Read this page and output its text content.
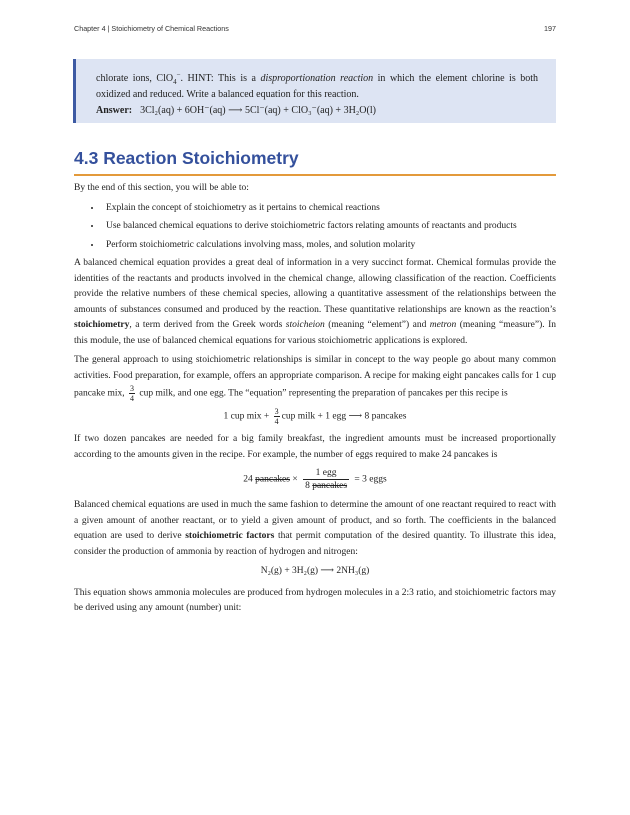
Chapter 4 | Stoichiometry of Chemical Reactions	197

chlorate ions, ClO$_4$−. HINT: This is a disproportionation reaction in which the element chlorine is both oxidized and reduced. Write a balanced equation for this reaction.

Answer: 3Cl₂(aq) + 6OH⁻(aq) ⟶ 5Cl⁻(aq) + ClO₃⁻(aq) + 3H₂O(l)

4.3 Reaction Stoichiometry

By the end of this section, you will be able to:

• Explain the concept of stoichiometry as it pertains to chemical reactions
• Use balanced chemical equations to derive stoichiometric factors relating amounts of reactants and products
• Perform stoichiometric calculations involving mass, moles, and solution molarity

A balanced chemical equation provides a great deal of information in a very succinct format. Chemical formulas provide the identities of the reactants and products involved in the chemical change, allowing classification of the reaction. Coefficients provide the relative numbers of these chemical species, allowing a quantitative assessment of the relationships between the amounts of substances consumed and produced by the reaction. These quantitative relationships are known as the reaction’s stoichiometry, a term derived from the Greek words stoicheion (meaning “element”) and metron (meaning “measure”). In this module, the use of balanced chemical equations for various stoichiometric applications is explored.

The general approach to using stoichiometric relationships is similar in concept to the way people go about many common activities. Food preparation, for example, offers an appropriate comparison. A recipe for making eight pancakes calls for 1 cup pancake mix, $\frac{3}{4}$ cup milk, and one egg. The “equation” representing the preparation of pancakes per this recipe is

1 cup mix + $\frac{3}{4}$ cup milk + 1 egg ⟶ 8 pancakes

If two dozen pancakes are needed for a big family breakfast, the ingredient amounts must be increased proportionally according to the amounts given in the recipe. For example, the number of eggs required to make 24 pancakes is

24 pancakes × $\frac{\text{1 egg}}{\text{8 pancakes}} = 3$ eggs

Balanced chemical equations are used in much the same fashion to determine the amount of one reactant required to react with a given amount of another reactant, or to yield a given amount of product, and so forth. The coefficients in the balanced equation are used to derive stoichiometric factors that permit computation of the desired quantity. To illustrate this idea, consider the production of ammonia by reaction of hydrogen and nitrogen:

N₂(g) + 3H₂(g) ⟶ 2NH₃(g)

This equation shows ammonia molecules are produced from hydrogen molecules in a 2:3 ratio, and stoichiometric factors may be derived using any amount (number) unit:
